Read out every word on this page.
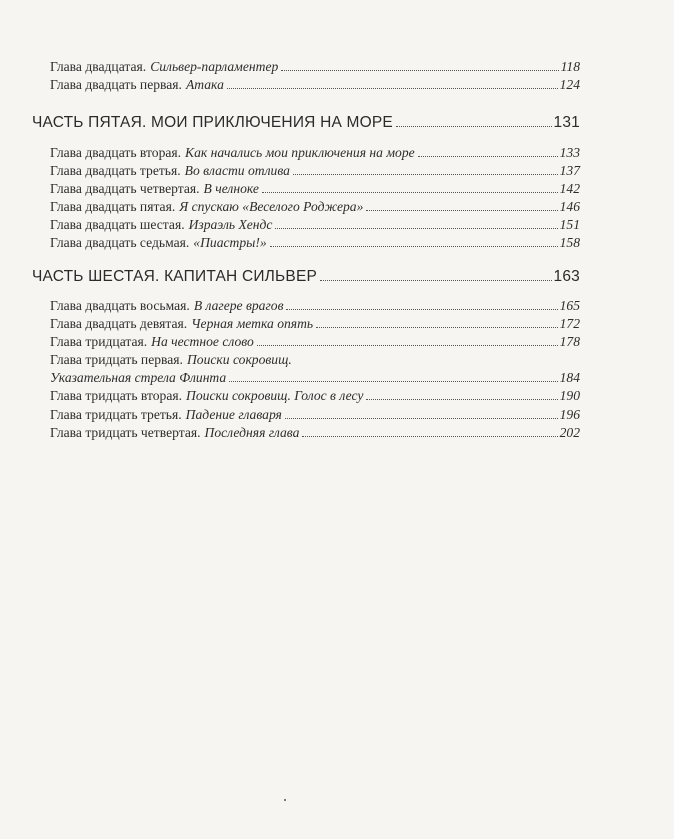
Глава двадцатая. Сильвер-парламентер	118
Глава двадцать первая. Атака	124
ЧАСТЬ ПЯТАЯ. МОИ ПРИКЛЮЧЕНИЯ НА МОРЕ	131
Глава двадцать вторая. Как начались мои приключения на море	133
Глава двадцать третья. Во власти отлива	137
Глава двадцать четвертая. В челноке	142
Глава двадцать пятая. Я спускаю «Веселого Роджера»	146
Глава двадцать шестая. Израэль Хендс	151
Глава двадцать седьмая. «Пиастры!»	158
ЧАСТЬ ШЕСТАЯ. КАПИТАН СИЛЬВЕР	163
Глава двадцать восьмая. В лагере врагов	165
Глава двадцать девятая. Черная метка опять	172
Глава тридцатая. На честное слово	178
Глава тридцать первая. Поиски сокровищ.
Указательная стрела Флинта	184
Глава тридцать вторая. Поиски сокровищ. Голос в лесу	190
Глава тридцать третья. Падение главаря	196
Глава тридцать четвертая. Последняя глава	202
